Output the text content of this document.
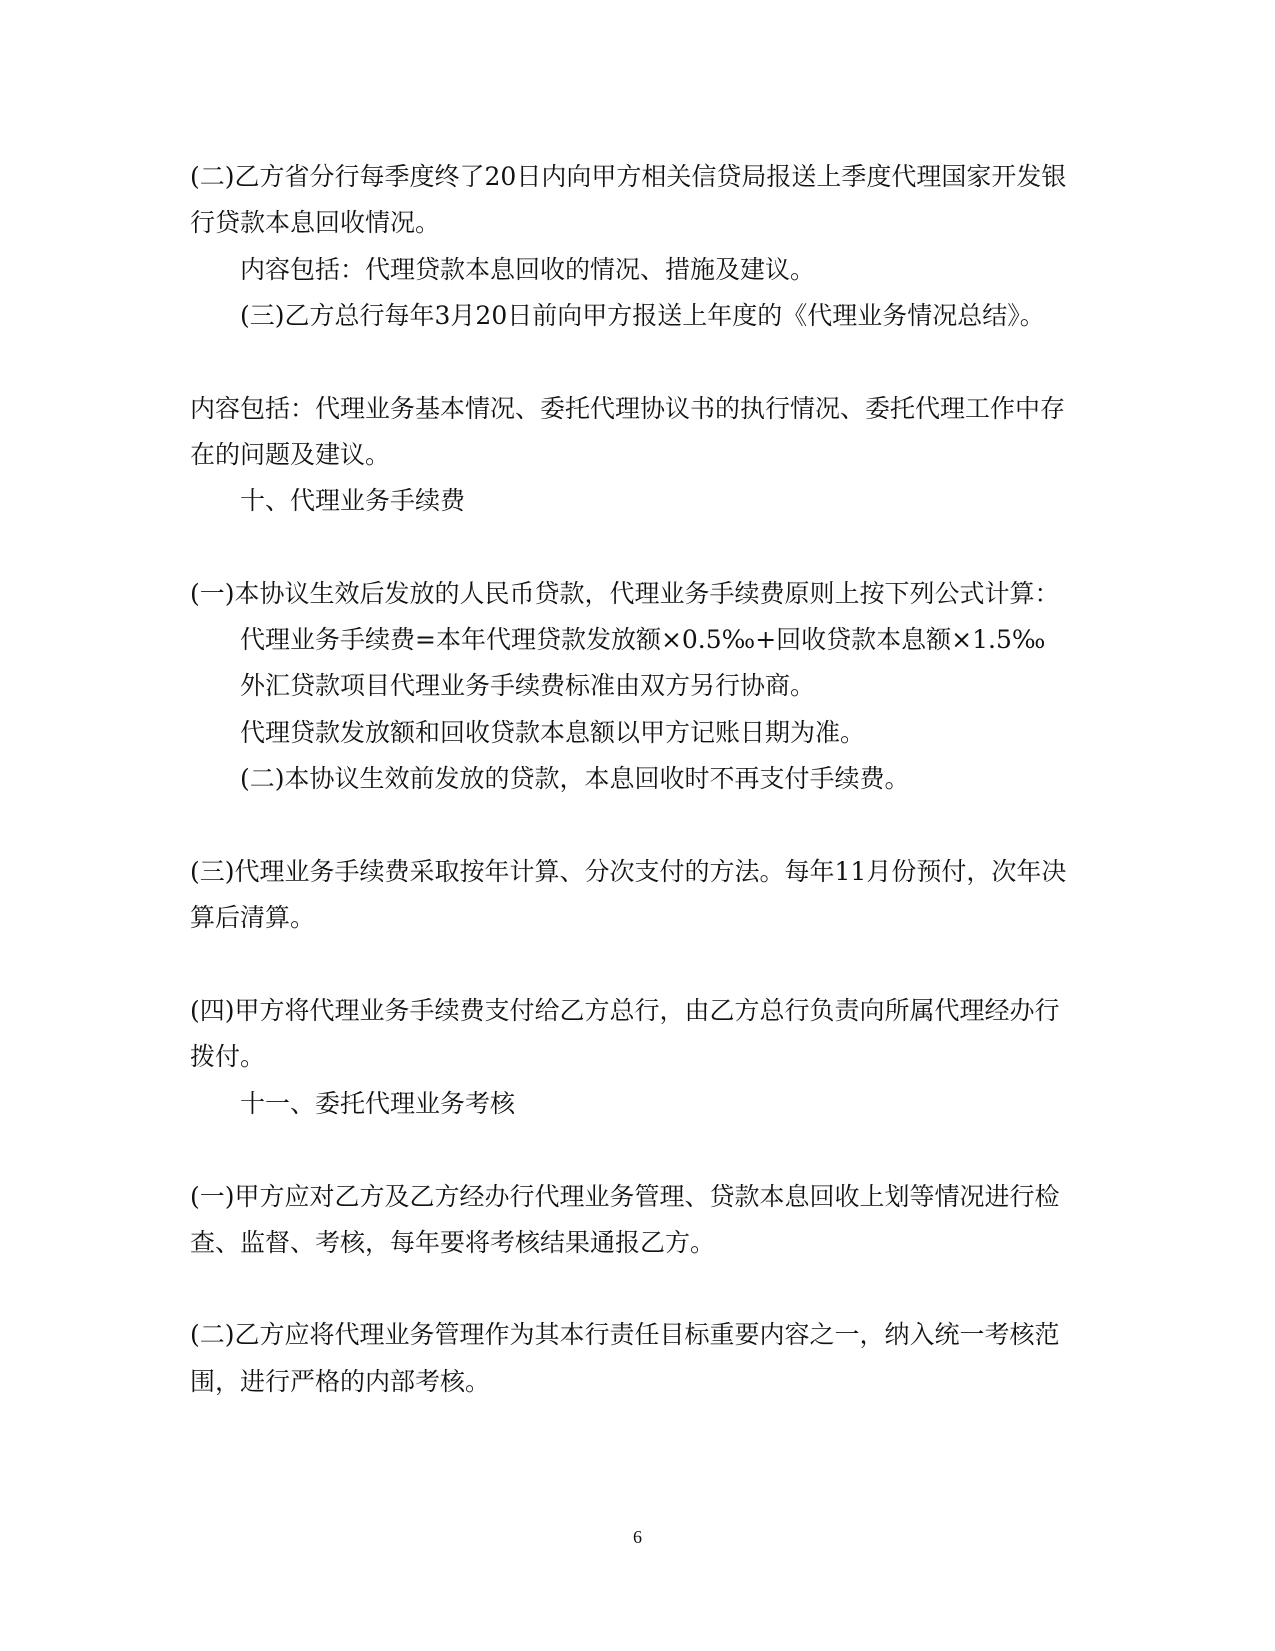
(二)乙方省分行每季度终了20日内向甲方相关信贷局报送上季度代理国家开发银
行贷款本息回收情况。
内容包括：代理贷款本息回收的情况、措施及建议。
(三)乙方总行每年3月20日前向甲方报送上年度的《代理业务情况总结》。
内容包括：代理业务基本情况、委托代理协议书的执行情况、委托代理工作中存
在的问题及建议。
十、代理业务手续费
(一)本协议生效后发放的人民币贷款，代理业务手续费原则上按下列公式计算：
代理业务手续费=本年代理贷款发放额×0.5‰+回收贷款本息额×1.5‰
外汇贷款项目代理业务手续费标准由双方另行协商。
代理贷款发放额和回收贷款本息额以甲方记账日期为准。
(二)本协议生效前发放的贷款，本息回收时不再支付手续费。
(三)代理业务手续费采取按年计算、分次支付的方法。每年11月份预付，次年决
算后清算。
(四)甲方将代理业务手续费支付给乙方总行，由乙方总行负责向所属代理经办行
拨付。
十一、委托代理业务考核
(一)甲方应对乙方及乙方经办行代理业务管理、贷款本息回收上划等情况进行检
查、监督、考核，每年要将考核结果通报乙方。
(二)乙方应将代理业务管理作为其本行责任目标重要内容之一，纳入统一考核范
围，进行严格的内部考核。
6
